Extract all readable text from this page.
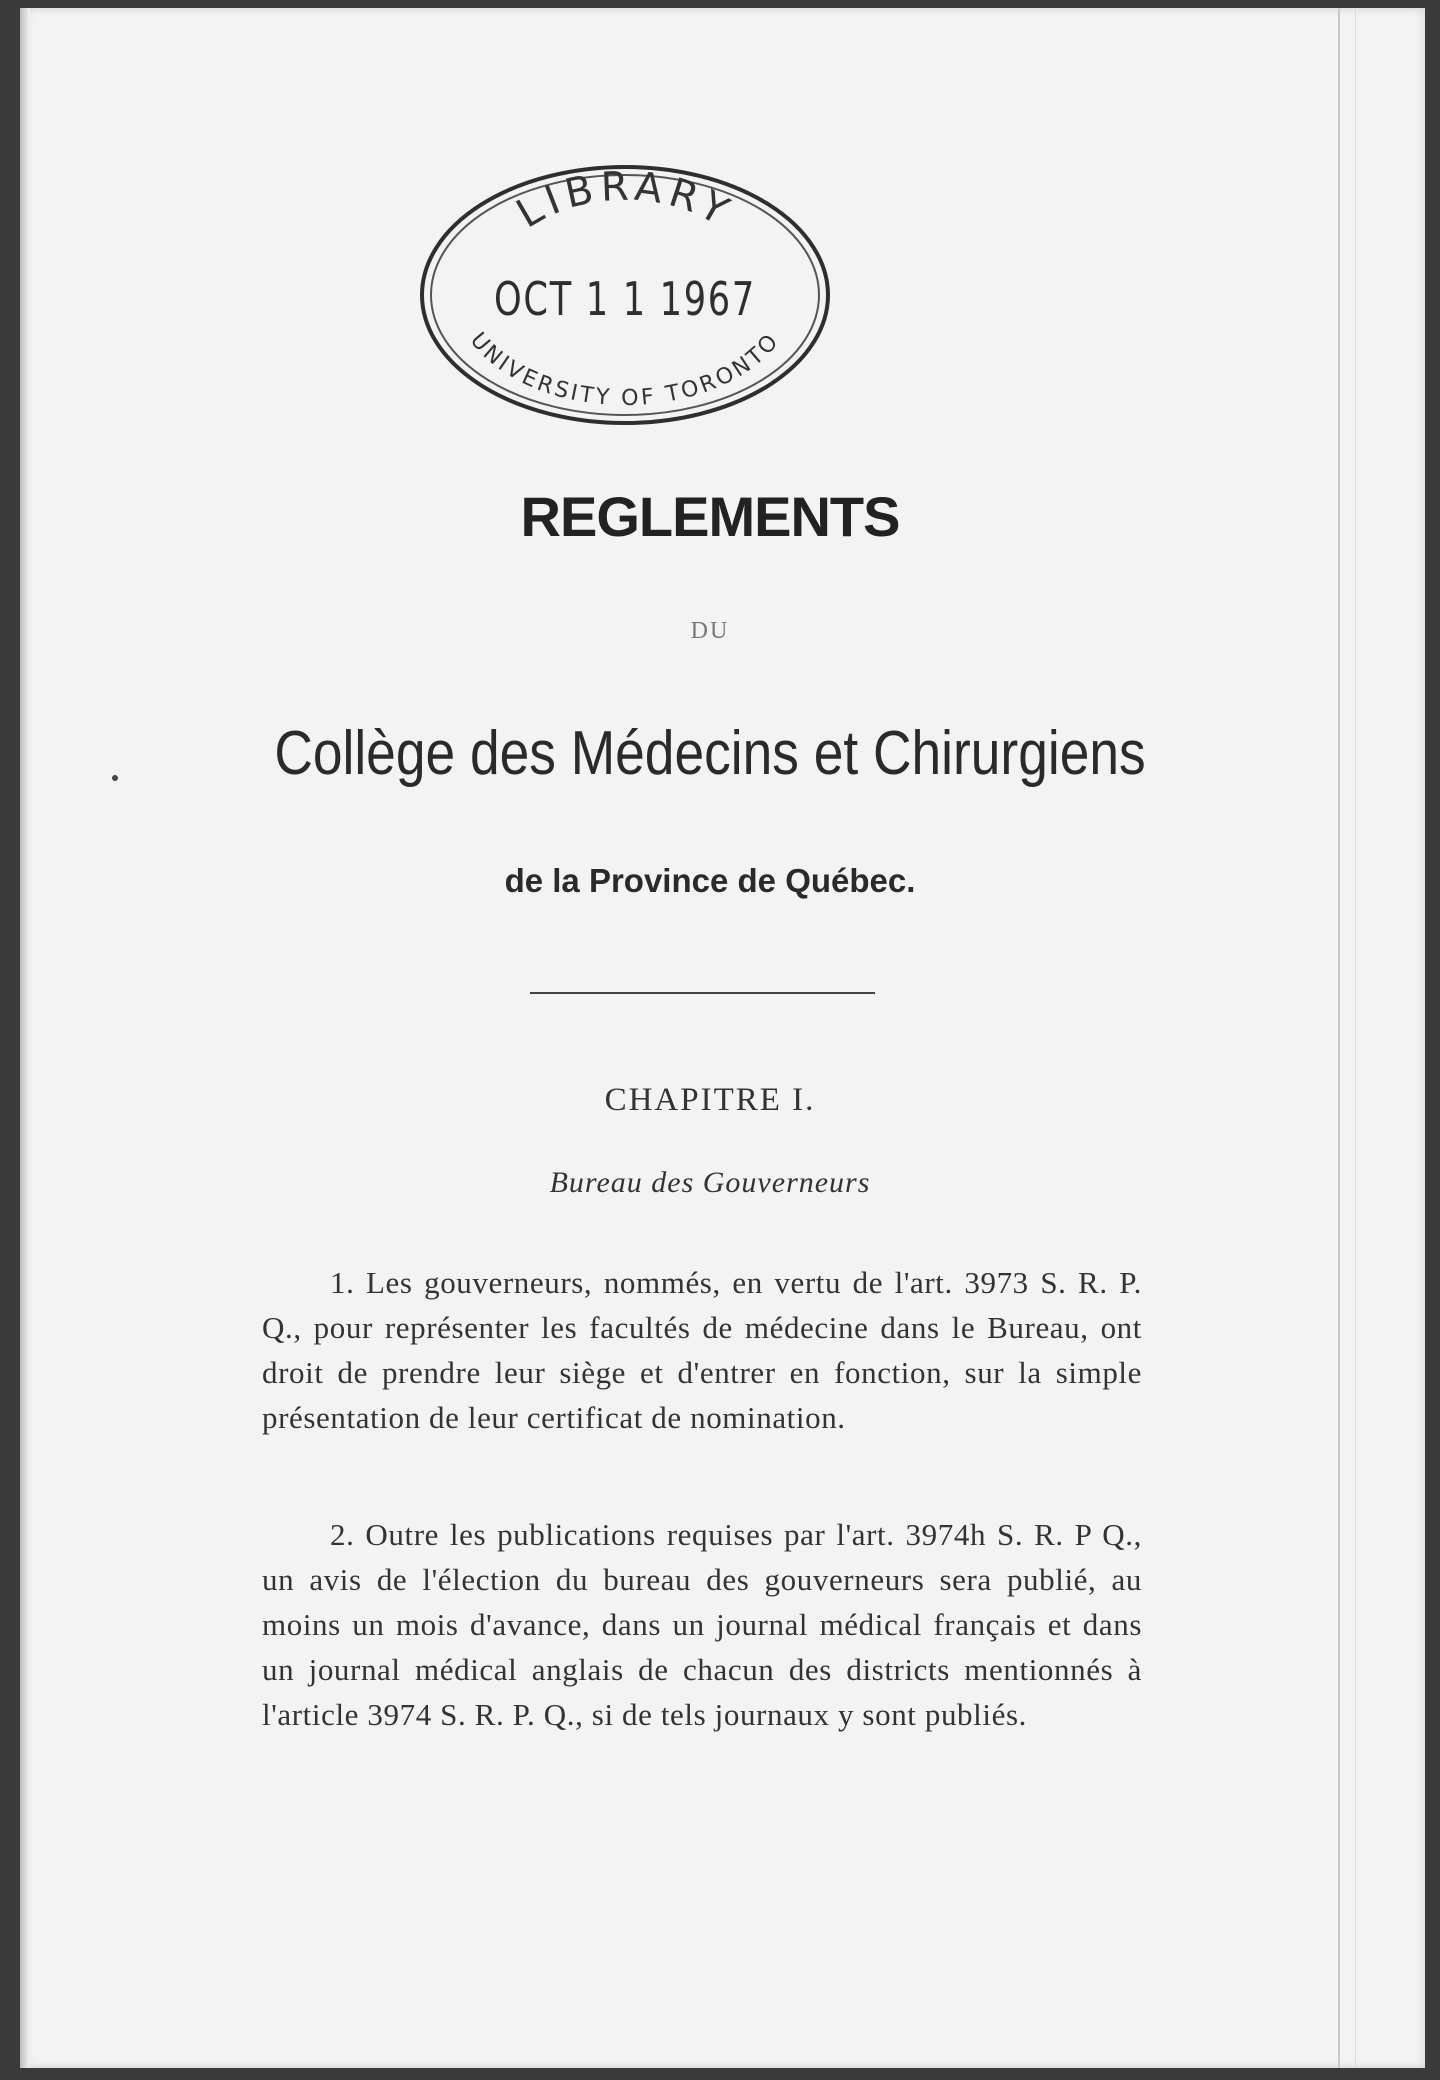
LIBRARY
UNIVERSITY OF TORONTO
OCT 1 1 1967
REGLEMENTS
DU
Collège des Médecins et Chirurgiens
de la Province de Québec.
CHAPITRE I.
Bureau des Gouverneurs
1. Les gouverneurs, nommés, en vertu de l'art. 3973 S. R. P. Q., pour représenter les facultés de médecine dans le Bureau, ont droit de prendre leur siège et d'entrer en fonction, sur la simple présentation de leur certificat de nomination.
2. Outre les publications requises par l'art. 3974h S. R. P Q., un avis de l'élection du bureau des gouverneurs sera publié, au moins un mois d'avance, dans un journal médical français et dans un journal médical anglais de chacun des districts mentionnés à l'article 3974 S. R. P. Q., si de tels journaux y sont publiés.
